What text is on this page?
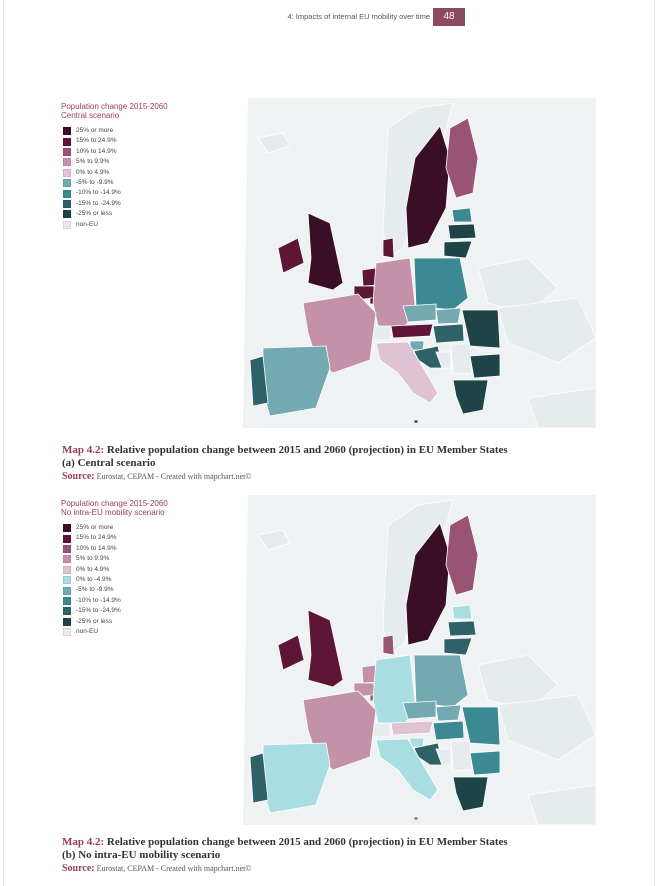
4: Impacts of internal EU mobility over time	48
Population change 2015-2060
Central scenario
25% or more
15% to 24.9%
10% to 14.9%
5% to 9.9%
0% to 4.9%
-5% to -9.9%
-10% to -14.9%
-15% to -24.9%
-25% or less
non-EU
Map 4.2: Relative population change between 2015 and 2060 (projection) in EU Member States
(a) Central scenario
Source: Eurostat, CEPAM - Created with mapchart.net©
Population change 2015-2060
No intra-EU mobility scenario
25% or more
15% to 24.9%
10% to 14.9%
5% to 9.9%
0% to 4.9%
0% to -4.9%
-5% to -9.9%
-10% to -14.9%
-15% to -24.9%
-25% or less
non-EU
Map 4.2: Relative population change between 2015 and 2060 (projection) in EU Member States
(b) No intra-EU mobility scenario
Source: Eurostat, CEPAM - Created with mapchart.net©
